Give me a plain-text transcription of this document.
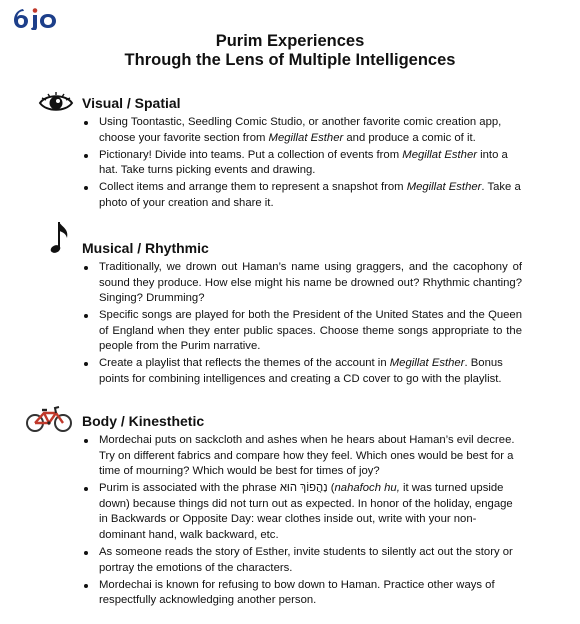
Purim Experiences
Through the Lens of Multiple Intelligences
Visual / Spatial
Using Toontastic, Seedling Comic Studio, or another favorite comic creation app, choose your favorite section from Megillat Esther and produce a comic of it.
Pictionary! Divide into teams. Put a collection of events from Megillat Esther into a hat. Take turns picking events and drawing.
Collect items and arrange them to represent a snapshot from Megillat Esther. Take a photo of your creation and share it.
Musical / Rhythmic
Traditionally, we drown out Haman’s name using graggers, and the cacophony of sound they produce. How else might his name be drowned out? Rhythmic chanting? Singing? Drumming?
Specific songs are played for both the President of the United States and the Queen of England when they enter public spaces. Choose theme songs appropriate to the people from the Purim narrative.
Create a playlist that reflects the themes of the account in Megillat Esther. Bonus points for combining intelligences and creating a CD cover to go with the playlist.
Body / Kinesthetic
Mordechai puts on sackcloth and ashes when he hears about Haman’s evil decree. Try on different fabrics and compare how they feel. Which ones would be best for a time of mourning? Which would be best for times of joy?
Purim is associated with the phrase נַהֲפוֹךְ הוּא (nahafoch hu, it was turned upside down) because things did not turn out as expected. In honor of the holiday, engage in Backwards or Opposite Day: wear clothes inside out, write with your non-dominant hand, walk backward, etc.
As someone reads the story of Esther, invite students to silently act out the story or portray the emotions of the characters.
Mordechai is known for refusing to bow down to Haman. Practice other ways of respectfully acknowledging another person.
